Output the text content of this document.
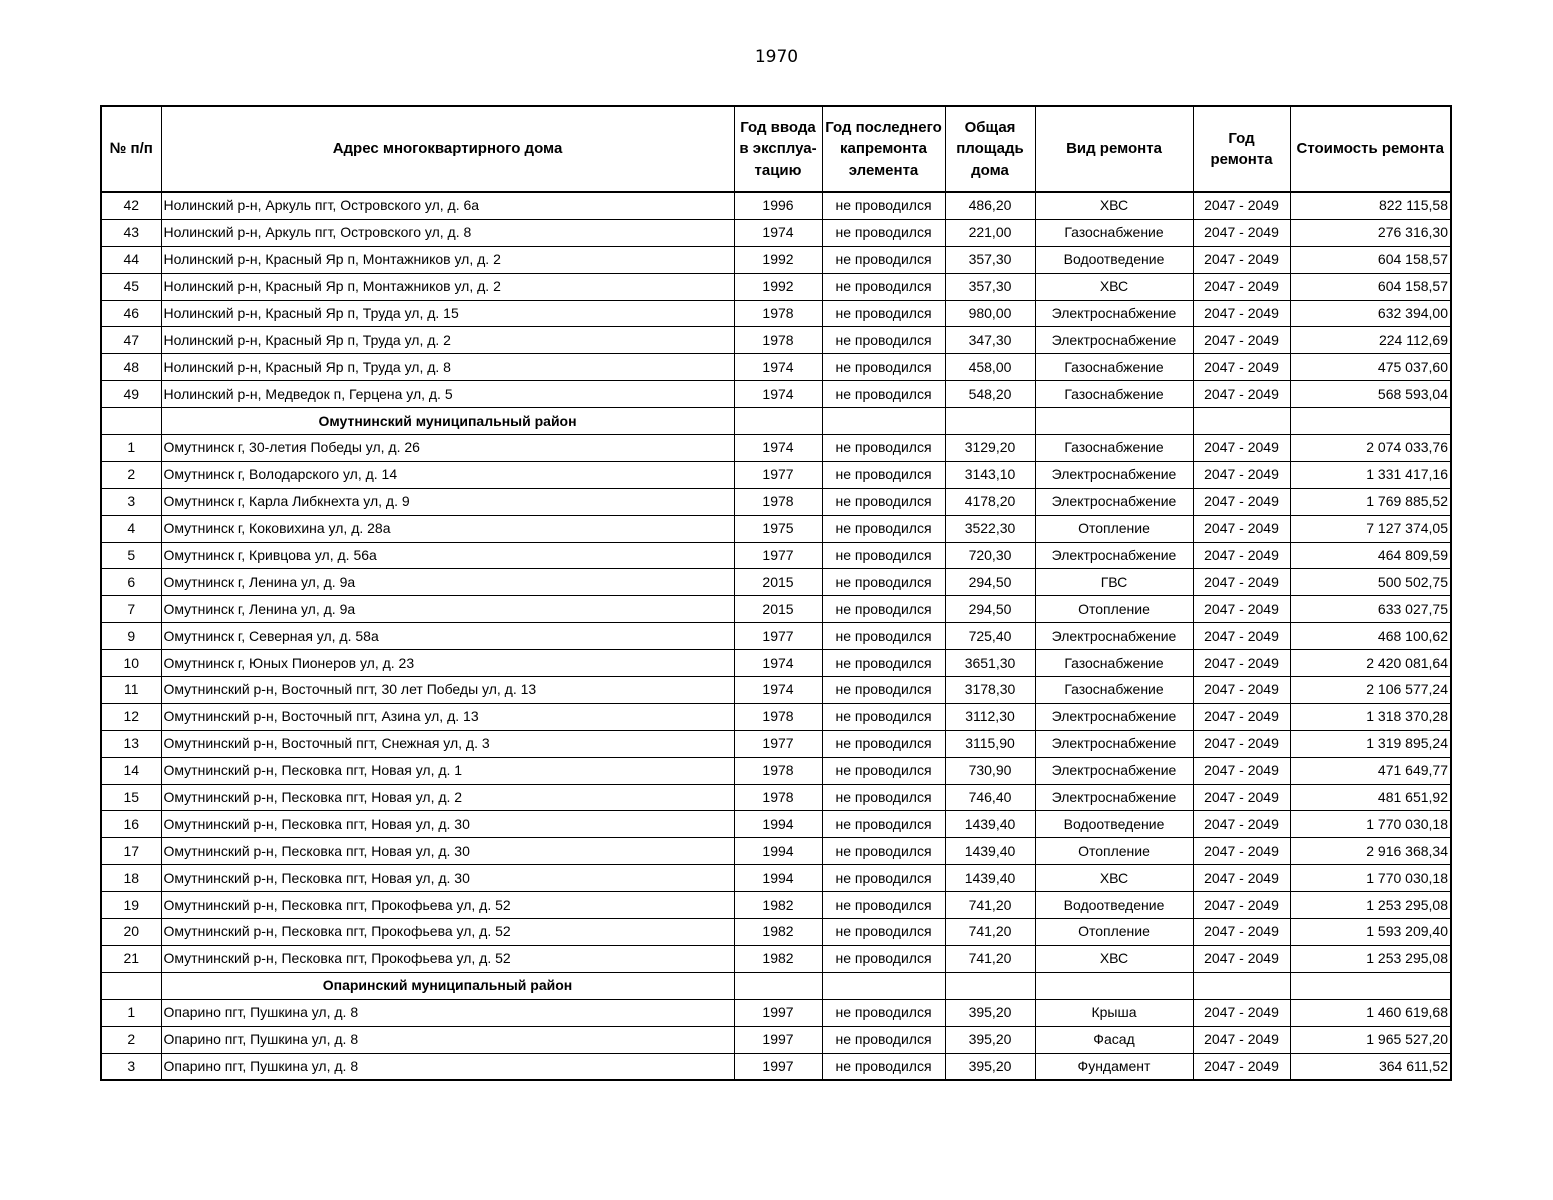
1970
№ п/п	Адрес многоквартирного дома	Год ввода в эксплуа-тацию	Год последнего капремонта элемента	Общая площадь дома	Вид ремонта	Год ремонта	Стоимость ремонта
42	Нолинский р-н, Аркуль пгт, Островского ул, д. 6а	1996	не проводился	486,20	ХВС	2047 - 2049	822 115,58
43	Нолинский р-н, Аркуль пгт, Островского ул, д. 8	1974	не проводился	221,00	Газоснабжение	2047 - 2049	276 316,30
44	Нолинский р-н, Красный Яр п, Монтажников ул, д. 2	1992	не проводился	357,30	Водоотведение	2047 - 2049	604 158,57
45	Нолинский р-н, Красный Яр п, Монтажников ул, д. 2	1992	не проводился	357,30	ХВС	2047 - 2049	604 158,57
46	Нолинский р-н, Красный Яр п, Труда ул, д. 15	1978	не проводился	980,00	Электроснабжение	2047 - 2049	632 394,00
47	Нолинский р-н, Красный Яр п, Труда ул, д. 2	1978	не проводился	347,30	Электроснабжение	2047 - 2049	224 112,69
48	Нолинский р-н, Красный Яр п, Труда ул, д. 8	1974	не проводился	458,00	Газоснабжение	2047 - 2049	475 037,60
49	Нолинский р-н, Медведок п, Герцена ул, д. 5	1974	не проводился	548,20	Газоснабжение	2047 - 2049	568 593,04
	Омутнинский муниципальный район						
1	Омутнинск г, 30-летия Победы ул, д. 26	1974	не проводился	3129,20	Газоснабжение	2047 - 2049	2 074 033,76
2	Омутнинск г, Володарского ул, д. 14	1977	не проводился	3143,10	Электроснабжение	2047 - 2049	1 331 417,16
3	Омутнинск г, Карла Либкнехта ул, д. 9	1978	не проводился	4178,20	Электроснабжение	2047 - 2049	1 769 885,52
4	Омутнинск г, Коковихина ул, д. 28а	1975	не проводился	3522,30	Отопление	2047 - 2049	7 127 374,05
5	Омутнинск г, Кривцова ул, д. 56а	1977	не проводился	720,30	Электроснабжение	2047 - 2049	464 809,59
6	Омутнинск г, Ленина ул, д. 9а	2015	не проводился	294,50	ГВС	2047 - 2049	500 502,75
7	Омутнинск г, Ленина ул, д. 9а	2015	не проводился	294,50	Отопление	2047 - 2049	633 027,75
9	Омутнинск г, Северная ул, д. 58а	1977	не проводился	725,40	Электроснабжение	2047 - 2049	468 100,62
10	Омутнинск г, Юных Пионеров ул, д. 23	1974	не проводился	3651,30	Газоснабжение	2047 - 2049	2 420 081,64
11	Омутнинский р-н, Восточный пгт, 30 лет Победы ул, д. 13	1974	не проводился	3178,30	Газоснабжение	2047 - 2049	2 106 577,24
12	Омутнинский р-н, Восточный пгт, Азина ул, д. 13	1978	не проводился	3112,30	Электроснабжение	2047 - 2049	1 318 370,28
13	Омутнинский р-н, Восточный пгт, Снежная ул, д. 3	1977	не проводился	3115,90	Электроснабжение	2047 - 2049	1 319 895,24
14	Омутнинский р-н, Песковка пгт, Новая ул, д. 1	1978	не проводился	730,90	Электроснабжение	2047 - 2049	471 649,77
15	Омутнинский р-н, Песковка пгт, Новая ул, д. 2	1978	не проводился	746,40	Электроснабжение	2047 - 2049	481 651,92
16	Омутнинский р-н, Песковка пгт, Новая ул, д. 30	1994	не проводился	1439,40	Водоотведение	2047 - 2049	1 770 030,18
17	Омутнинский р-н, Песковка пгт, Новая ул, д. 30	1994	не проводился	1439,40	Отопление	2047 - 2049	2 916 368,34
18	Омутнинский р-н, Песковка пгт, Новая ул, д. 30	1994	не проводился	1439,40	ХВС	2047 - 2049	1 770 030,18
19	Омутнинский р-н, Песковка пгт, Прокофьева ул, д. 52	1982	не проводился	741,20	Водоотведение	2047 - 2049	1 253 295,08
20	Омутнинский р-н, Песковка пгт, Прокофьева ул, д. 52	1982	не проводился	741,20	Отопление	2047 - 2049	1 593 209,40
21	Омутнинский р-н, Песковка пгт, Прокофьева ул, д. 52	1982	не проводился	741,20	ХВС	2047 - 2049	1 253 295,08
	Опаринский муниципальный район						
1	Опарино пгт, Пушкина ул, д. 8	1997	не проводился	395,20	Крыша	2047 - 2049	1 460 619,68
2	Опарино пгт, Пушкина ул, д. 8	1997	не проводился	395,20	Фасад	2047 - 2049	1 965 527,20
3	Опарино пгт, Пушкина ул, д. 8	1997	не проводился	395,20	Фундамент	2047 - 2049	364 611,52
